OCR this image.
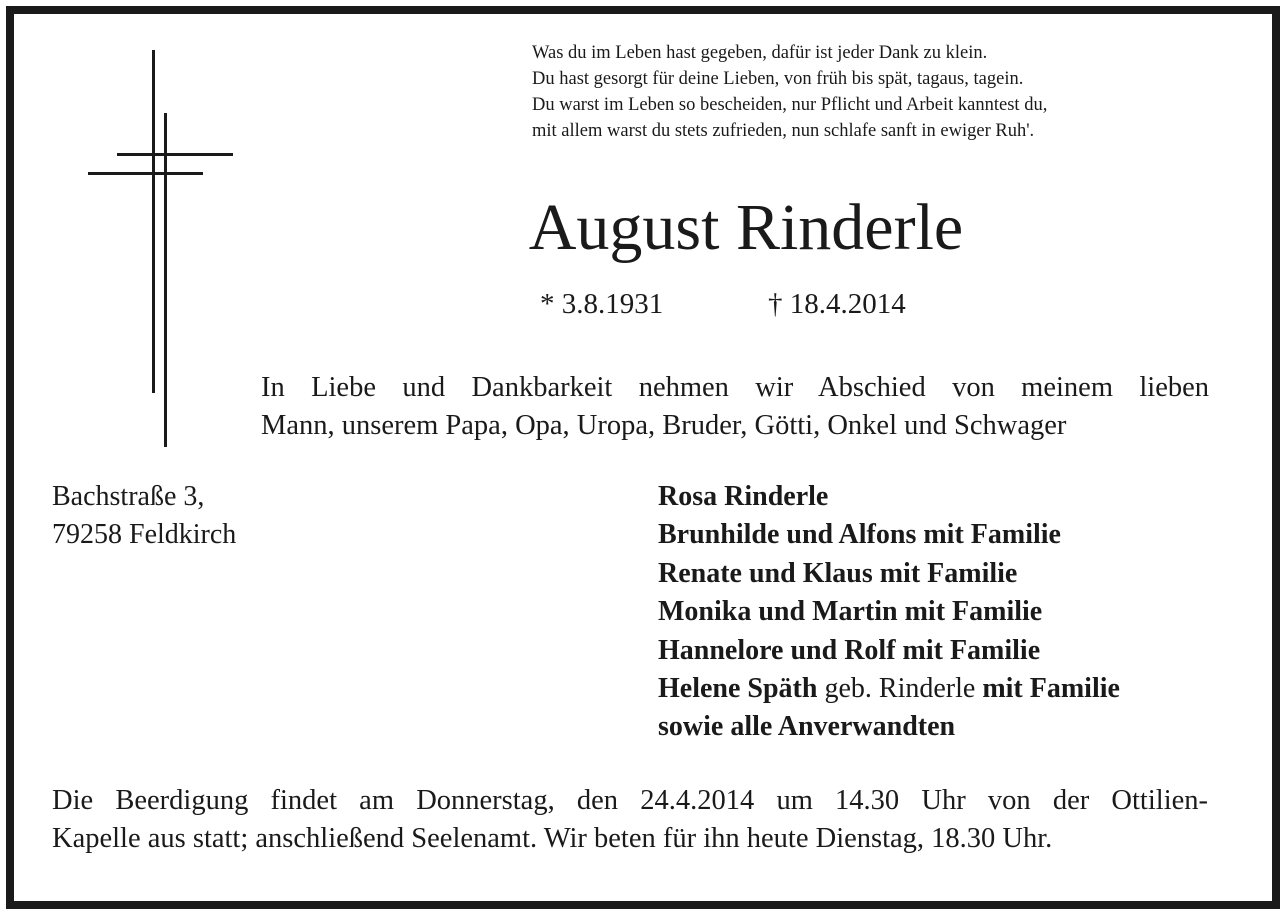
Was du im Leben hast gegeben, dafür ist jeder Dank zu klein.
Du hast gesorgt für deine Lieben, von früh bis spät, tagaus, tagein.
Du warst im Leben so bescheiden, nur Pflicht und Arbeit kanntest du,
mit allem warst du stets zufrieden, nun schlafe sanft in ewiger Ruh'.
August Rinderle
* 3.8.1931	† 18.4.2014
In Liebe und Dankbarkeit nehmen wir Abschied von meinem lieben
Mann, unserem Papa, Opa, Uropa, Bruder, Götti, Onkel und Schwager
Bachstraße 3,
79258 Feldkirch
Rosa Rinderle
Brunhilde und Alfons mit Familie
Renate und Klaus mit Familie
Monika und Martin mit Familie
Hannelore und Rolf mit Familie
Helene Späth geb. Rinderle mit Familie
sowie alle Anverwandten
Die Beerdigung findet am Donnerstag, den 24.4.2014 um 14.30 Uhr von der Ottilien-
Kapelle aus statt; anschließend Seelenamt. Wir beten für ihn heute Dienstag, 18.30 Uhr.
